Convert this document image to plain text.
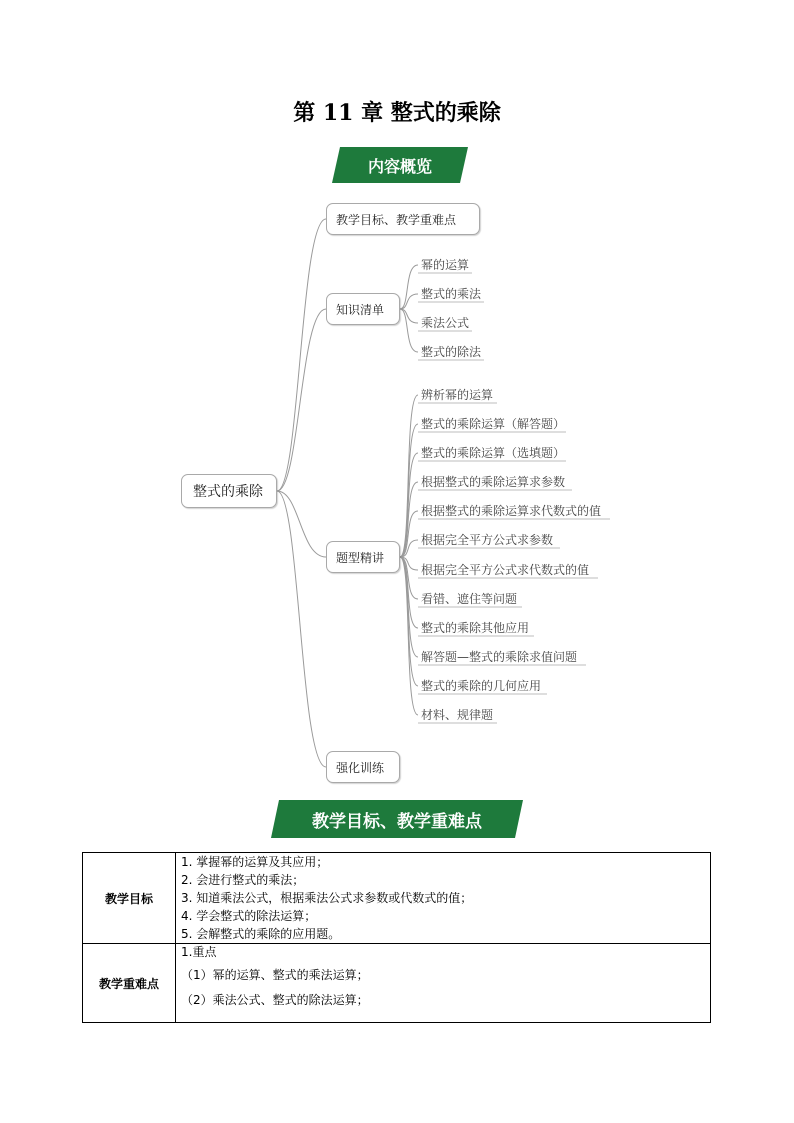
第 11 章 整式的乘除
内容概览
整式的乘除
教学目标、教学重难点
知识清单
题型精讲
强化训练
幂的运算
整式的乘法
乘法公式
整式的除法
辨析幂的运算
整式的乘除运算（解答题）
整式的乘除运算（选填题）
根据整式的乘除运算求参数
根据整式的乘除运算求代数式的值
根据完全平方公式求参数
根据完全平方公式求代数式的值
看错、遮住等问题
整式的乘除其他应用
解答题—整式的乘除求值问题
整式的乘除的几何应用
材料、规律题
教学目标、教学重难点
教学目标	1. 掌握幂的运算及其应用；
2. 会进行整式的乘法；
3. 知道乘法公式，根据乘法公式求参数或代数式的值；
4. 学会整式的除法运算；
5. 会解整式的乘除的应用题。

教学重难点	1.重点
（1）幂的运算、整式的乘法运算；
（2）乘法公式、整式的除法运算；
